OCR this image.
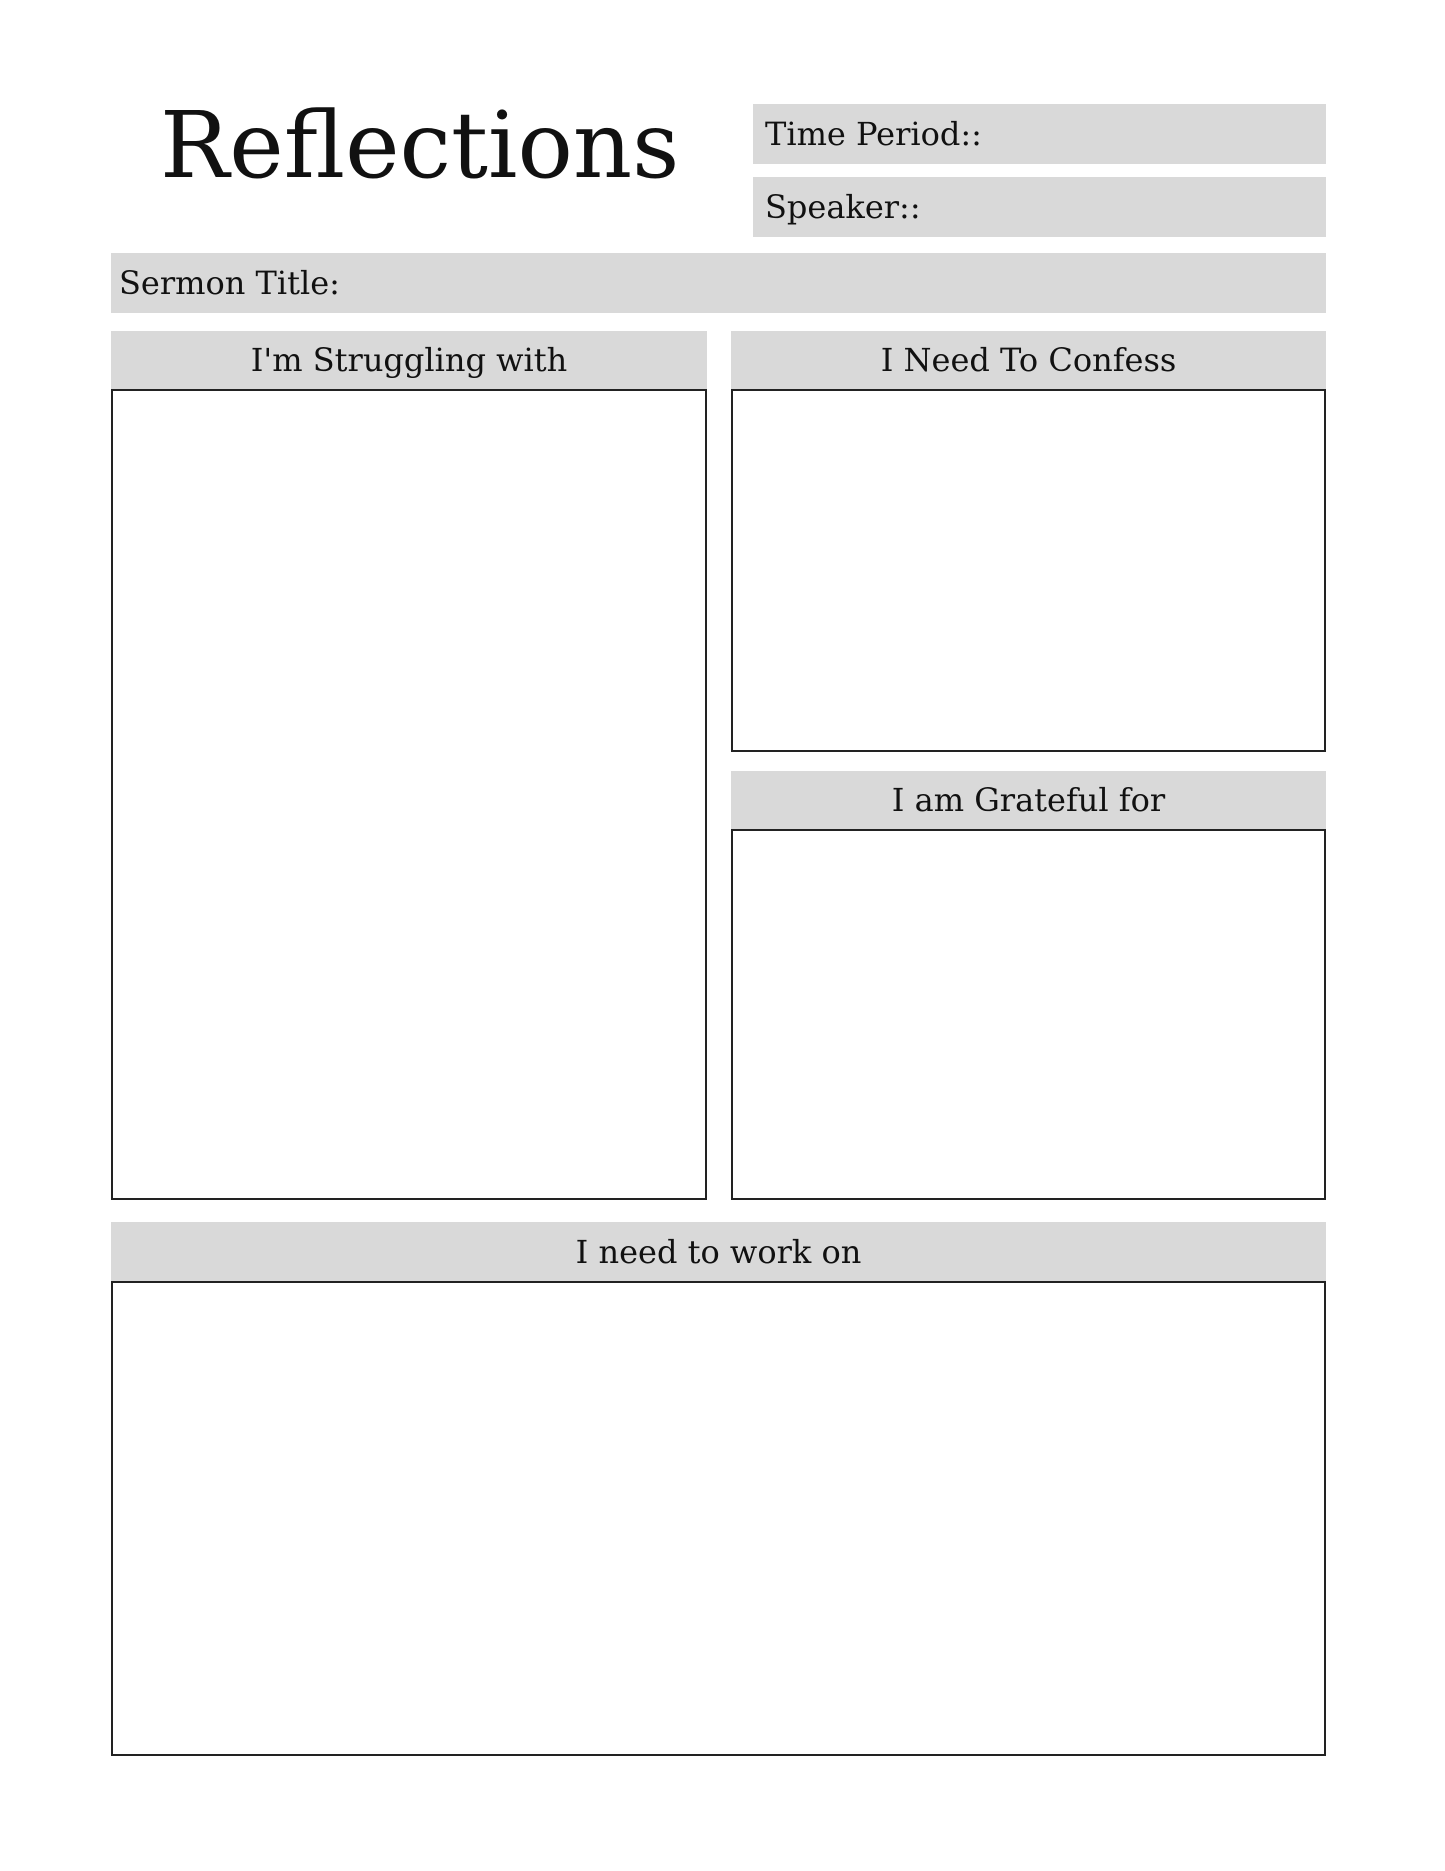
Reflections	Time Period::
Speaker::
Sermon Title:
I'm Struggling with	I Need To Confess
I am Grateful for
I need to work on
